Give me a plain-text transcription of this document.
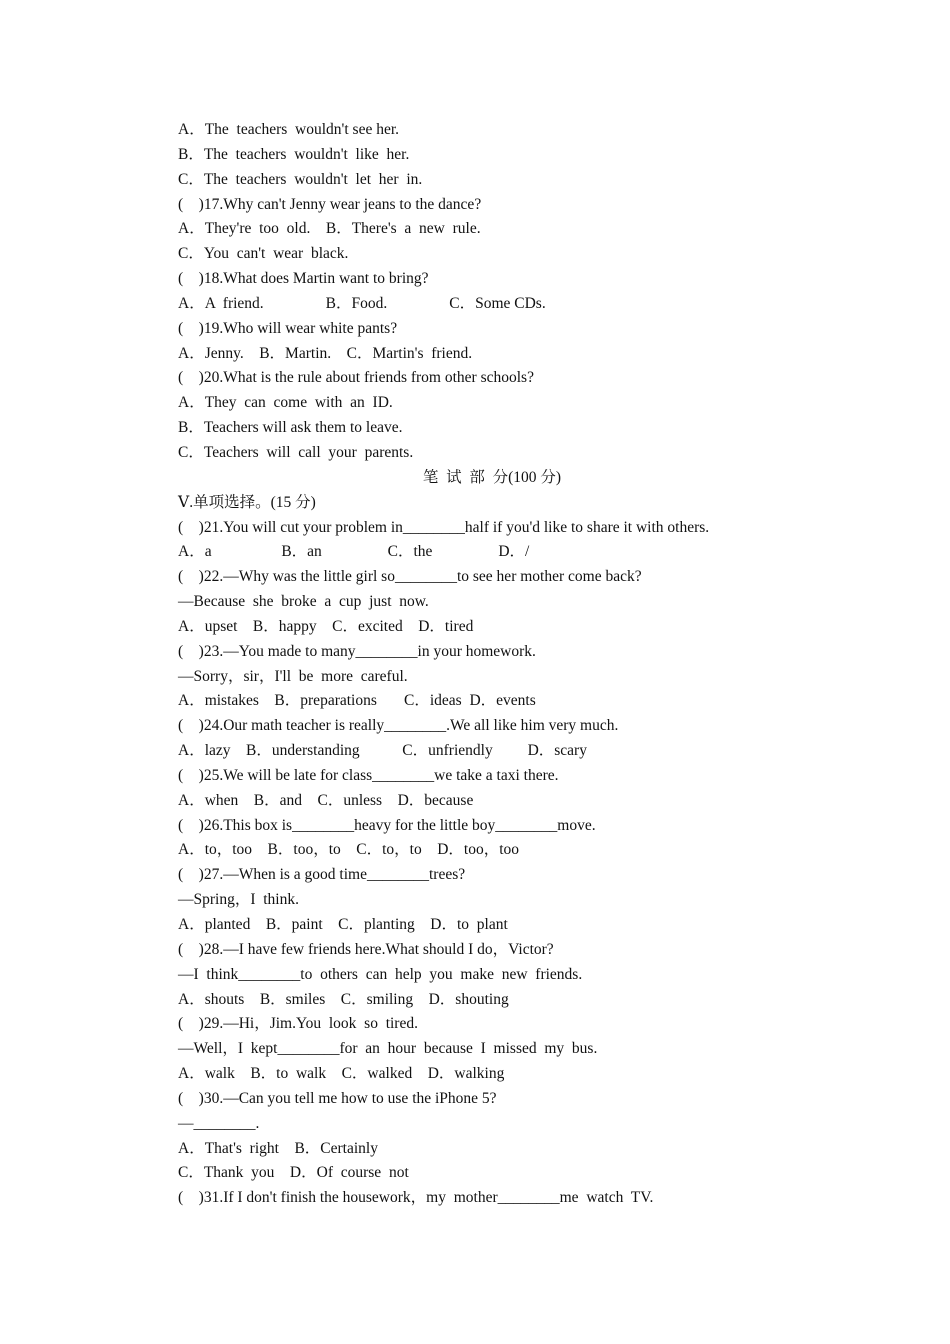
A．The  teachers  wouldn't see her.

B．The  teachers  wouldn't  like  her.

C．The  teachers  wouldn't  let  her  in.

(    )17.Why can't Jenny wear jeans to the dance?

A．They're  too  old.    B．There's  a  new  rule.

C．You  can't  wear  black.

(    )18.What does Martin want to bring?

A．A  friend.                B．Food.                C．Some CDs.

(    )19.Who will wear white pants?

A．Jenny.    B．Martin.    C．Martin's  friend.

(    )20.What is the rule about friends from other schools?

A．They  can  come  with  an  ID.

B．Teachers will ask them to leave.

C．Teachers  will  call  your  parents.

笔  试  部  分(100 分)

Ⅴ.单项选择。(15 分)

(    )21.You will cut your problem in________half if you'd like to share it with others.

A．a                  B．an                 C．the                 D．/

(    )22.—Why was the little girl so________to see her mother come back?

—Because  she  broke  a  cup  just  now.

A．upset    B．happy    C．excited    D．tired

(    )23.—You made to many________in your homework.

—Sorry，sir，I'll  be  more  careful.

A．mistakes    B．preparations       C．ideas  D．events

(    )24.Our math teacher is really________.We all like him very much.

A．lazy    B．understanding           C．unfriendly         D．scary

(    )25.We will be late for class________we take a taxi there.

A．when    B．and    C．unless    D．because

(    )26.This box is________heavy for the little boy________move.

A．to，too    B．too，to    C．to，to    D．too，too

(    )27.—When is a good time________trees?

—Spring，I  think.

A．planted    B．paint    C．planting    D．to  plant

(    )28.—I have few friends here.What should I do，Victor?

—I  think________to  others  can  help  you  make  new  friends.

A．shouts    B．smiles    C．smiling    D．shouting

(    )29.—Hi，Jim.You  look  so  tired.

—Well，I  kept________for  an  hour  because  I  missed  my  bus.

A．walk    B．to  walk    C．walked    D．walking

(    )30.—Can you tell me how to use the iPhone 5?

—________.

A．That's  right    B．Certainly

C．Thank  you    D．Of  course  not

(    )31.If I don't finish the housework，my  mother________me  watch  TV.
